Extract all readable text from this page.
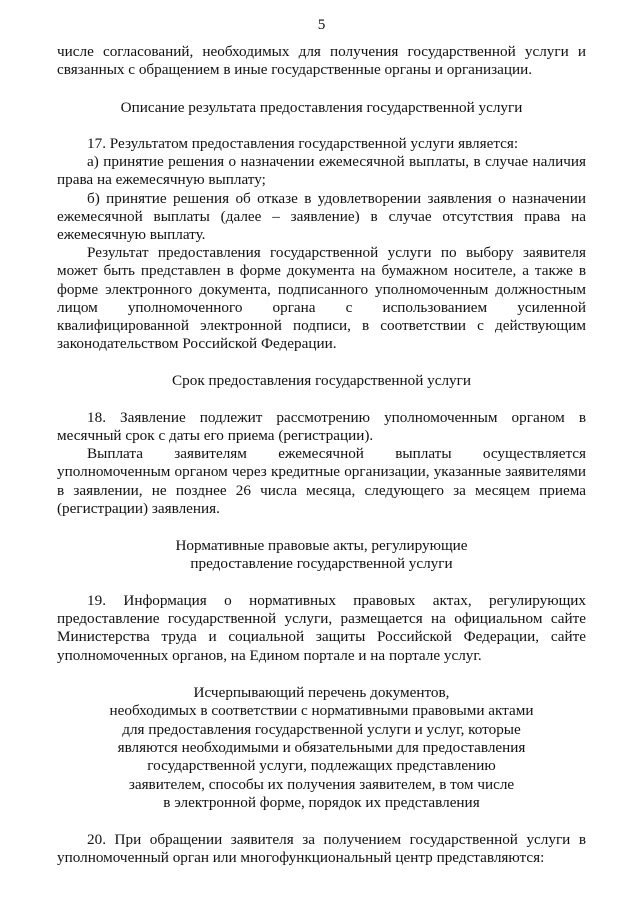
5

числе согласований, необходимых для получения государственной услуги и связанных с обращением в иные государственные органы и организации.

Описание результата предоставления государственной услуги

17. Результатом предоставления государственной услуги является:

а) принятие решения о назначении ежемесячной выплаты, в случае наличия права на ежемесячную выплату;

б) принятие решения об отказе в удовлетворении заявления о назначении ежемесячной выплаты (далее – заявление) в случае отсутствия права на ежемесячную выплату.

Результат предоставления государственной услуги по выбору заявителя может быть представлен в форме документа на бумажном носителе, а также в форме электронного документа, подписанного уполномоченным должностным лицом уполномоченного органа с использованием усиленной квалифицированной электронной подписи, в соответствии с действующим законодательством Российской Федерации.

Срок предоставления государственной услуги

18. Заявление подлежит рассмотрению уполномоченным органом в месячный срок с даты его приема (регистрации).

Выплата заявителям ежемесячной выплаты осуществляется уполномоченным органом через кредитные организации, указанные заявителями в заявлении, не позднее 26 числа месяца, следующего за месяцем приема (регистрации) заявления.

Нормативные правовые акты, регулирующие
предоставление государственной услуги

19. Информация о нормативных правовых актах, регулирующих предоставление государственной услуги, размещается на официальном сайте Министерства труда и социальной защиты Российской Федерации, сайте уполномоченных органов, на Едином портале и на портале услуг.

Исчерпывающий перечень документов,
необходимых в соответствии с нормативными правовыми актами
для предоставления государственной услуги и услуг, которые
являются необходимыми и обязательными для предоставления
государственной услуги, подлежащих представлению
заявителем, способы их получения заявителем, в том числе
в электронной форме, порядок их представления

20. При обращении заявителя за получением государственной услуги в уполномоченный орган или многофункциональный центр представляются:
